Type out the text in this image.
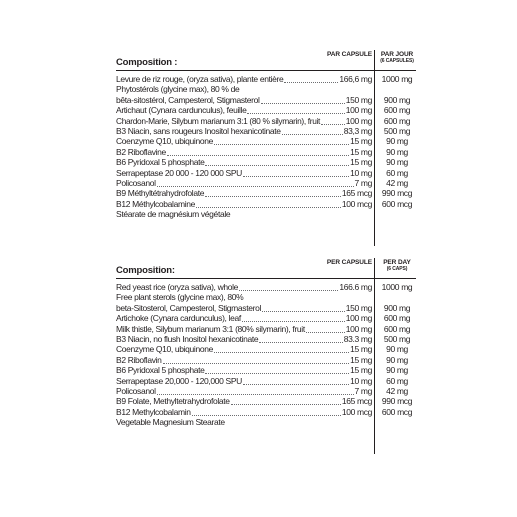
Composition :
PAR CAPSULE	PAR JOUR
(6 CAPSULES)
Levure de riz rouge, (oryza sativa), plante entière	166,6 mg	1000 mg
Phytostérols (glycine max), 80 % de
bêta-sitostérol, Campesterol, Stigmasterol	150 mg	900 mg
Artichaut (Cynara cardunculus), feuille	100 mg	600 mg
Chardon-Marie, Silybum marianum 3:1 (80 % silymarin), fruit	100 mg	600 mg
B3 Niacin, sans rougeurs Inositol hexanicotinate	83,3 mg	500 mg
Coenzyme Q10, ubiquinone	15 mg	90 mg
B2 Riboflavine	15 mg	90 mg
B6 Pyridoxal 5 phosphate	15 mg	90 mg
Serrapeptase 20 000 - 120 000 SPU	10 mg	60 mg
Policosanol	7 mg	42 mg
B9 Méthyltétrahydrofolate	165 mcg	990 mcg
B12 Méthylcobalamine	100 mcg	600 mcg
Stéarate de magnésium végétale
Composition:
PER CAPSULE	PER DAY
(6 CAPS)
Red yeast rice (oryza sativa), whole	166.6 mg	1000 mg
Free plant sterols (glycine max), 80%
beta-Sitosterol, Campesterol, Stigmasterol	150 mg	900 mg
Artichoke (Cynara cardunculus), leaf	100 mg	600 mg
Milk thistle, Silybum marianum 3:1 (80% silymarin), fruit	100 mg	600 mg
B3 Niacin, no flush Inositol hexanicotinate	83.3 mg	500 mg
Coenzyme Q10, ubiquinone	15 mg	90 mg
B2 Riboflavin	15 mg	90 mg
B6 Pyridoxal 5 phosphate	15 mg	90 mg
Serrapeptase 20,000 - 120,000 SPU	10 mg	60 mg
Policosanol	7 mg	42 mg
B9 Folate, Methyltetrahydrofolate	165 mcg	990 mcg
B12 Methylcobalamin	100 mcg	600 mcg
Vegetable Magnesium Stearate
